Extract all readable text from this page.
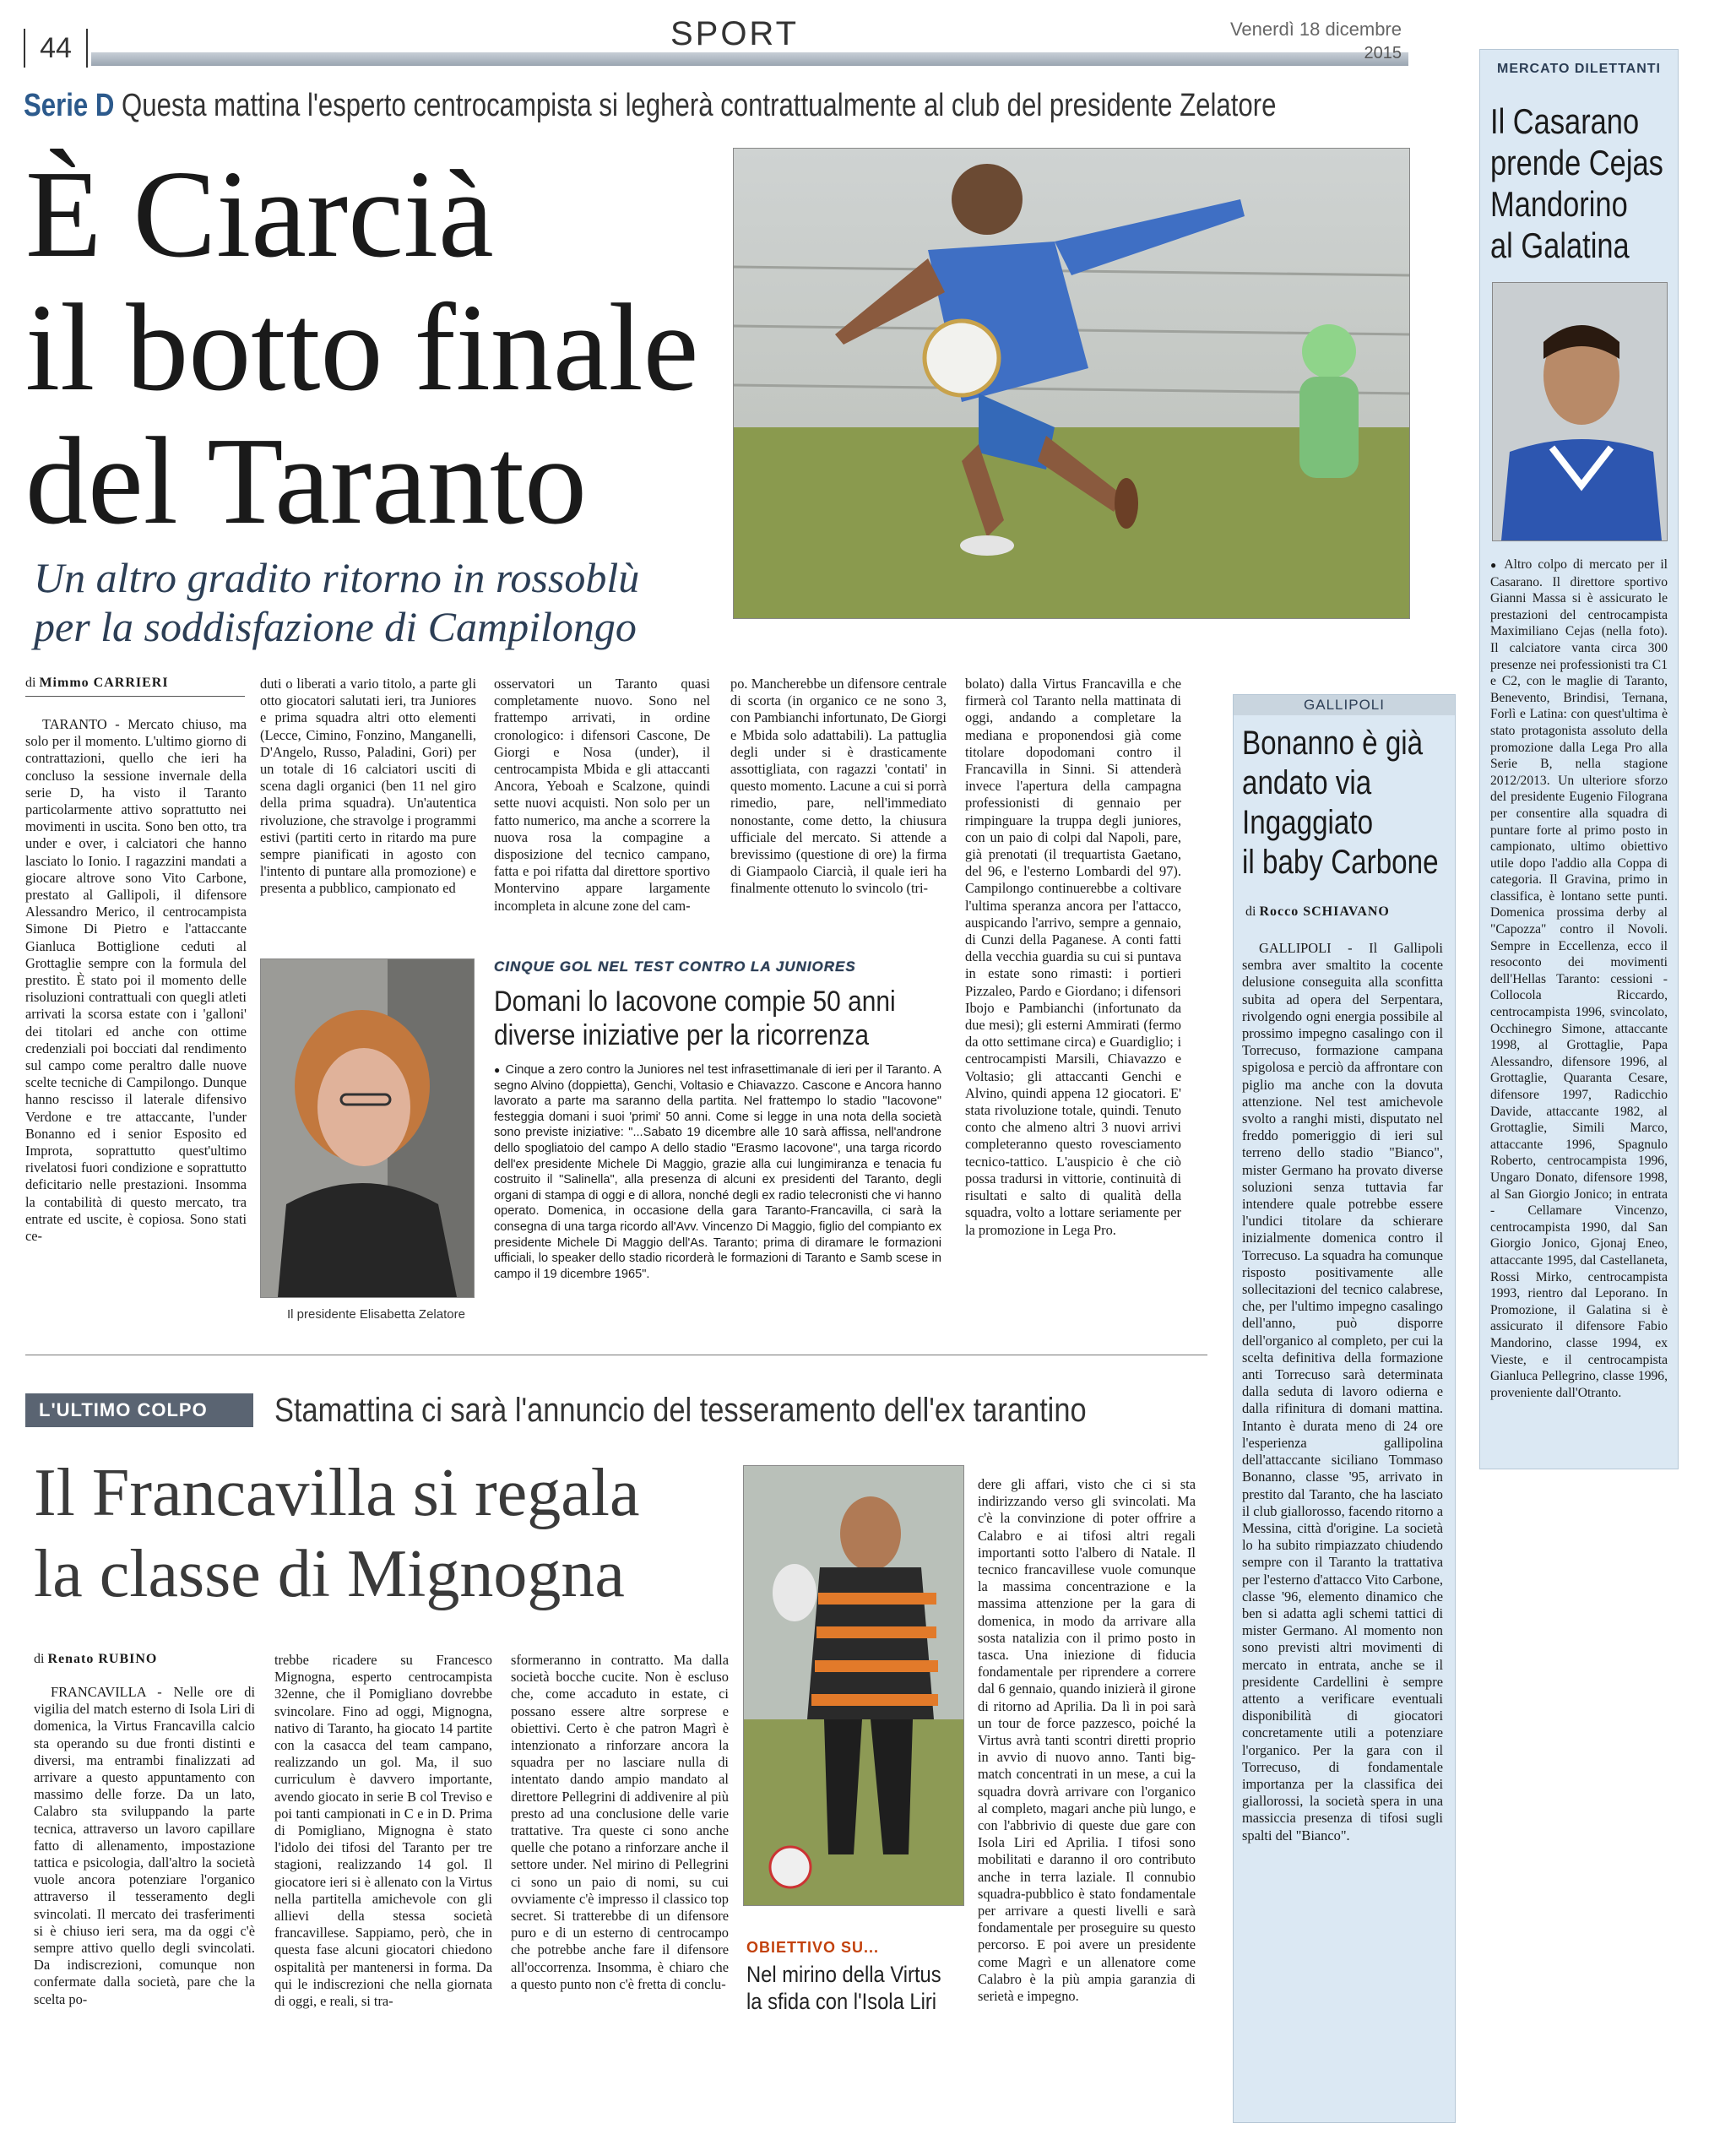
44	SPORT	Venerdì 18 dicembre
2015
Serie D Questa mattina l'esperto centrocampista si legherà contrattualmente al club del presidente Zelatore
È Ciarcià
il botto finale
del Taranto
Un altro gradito ritorno in rossoblù
per la soddisfazione di Campilongo
di Mimmo CARRIERI

TARANTO - Mercato chiuso, ma solo per il momento. L'ultimo giorno di contrattazioni, quello che ieri ha concluso la sessione invernale della serie D, ha visto il Taranto particolarmente attivo soprattutto nei movimenti in uscita. Sono ben otto, tra under e over, i calciatori che hanno lasciato lo Ionio. I ragazzini mandati a giocare altrove sono Vito Carbone, prestato al Gallipoli, il difensore Alessandro Merico, il centrocampista Simone Di Pietro e l'attaccante Gianluca Bottiglione ceduti al Grottaglie sempre con la formula del prestito. È stato poi il momento delle risoluzioni contrattuali con quegli atleti arrivati la scorsa estate con i 'galloni' dei titolari ed anche con ottime credenziali poi bocciati dal rendimento sul campo come peraltro dalle nuove scelte tecniche di Campilongo. Dunque hanno rescisso il laterale difensivo Verdone e tre attaccante, l'under Bonanno ed i senior Esposito ed Improta, soprattutto quest'ultimo rivelatosi fuori condizione e soprattutto deficitario nelle prestazioni. Insomma la contabilità di questo mercato, tra entrate ed uscite, è copiosa. Sono stati ce-

duti o liberati a vario titolo, a parte gli otto giocatori salutati ieri, tra Juniores e prima squadra altri otto elementi (Lecce, Cimino, Fonzino, Manganelli, D'Angelo, Russo, Paladini, Gori) per un totale di 16 calciatori usciti di scena dagli organici (ben 11 nel giro della prima squadra). Un'autentica rivoluzione, che stravolge i programmi estivi (partiti certo in ritardo ma pure sempre pianificati in agosto con l'intento di puntare alla promozione) e presenta a pubblico, campionato ed

Il presidente Elisabetta Zelatore

osservatori un Taranto quasi completamente nuovo. Sono nel frattempo arrivati, in ordine cronologico: i difensori Cascone, De Giorgi e Nosa (under), il centrocampista Mbida e gli attaccanti Ancora, Yeboah e Scalzone, quindi sette nuovi acquisti. Non solo per un fatto numerico, ma anche a scorrere la nuova rosa la compagine a disposizione del tecnico campano, fatta e poi rifatta dal direttore sportivo Montervino appare largamente incompleta in alcune zone del cam-

po. Mancherebbe un difensore centrale di scorta (in organico ce ne sono 3, con Pambianchi infortunato, De Giorgi e Mbida solo adattabili). La pattuglia degli under si è drasticamente assottigliata, con ragazzi 'contati' in questo momento. Lacune a cui si porrà rimedio, pare, nell'immediato nonostante, come detto, la chiusura ufficiale del mercato. Si attende a brevissimo (questione di ore) la firma di Giampaolo Ciarcià, il quale ieri ha finalmente ottenuto lo svincolo (tri-

bolato) dalla Virtus Francavilla e che firmerà col Taranto nella mattinata di oggi, andando a completare la mediana e proponendosi già come titolare dopodomani contro il Francavilla in Sinni. Si attenderà invece l'apertura della campagna professionisti di gennaio per rimpinguare la truppa degli juniores, con un paio di colpi dal Napoli, pare, già prenotati (il trequartista Gaetano, del 96, e l'esterno Lombardi del 97). Campilongo continuerebbe a coltivare l'ultima speranza ancora per l'attacco, auspicando l'arrivo, sempre a gennaio, di Cunzi della Paganese. A conti fatti della vecchia guardia su cui si puntava in estate sono rimasti: i portieri Pizzaleo, Pardo e Giordano; i difensori Ibojo e Pambianchi (infortunato da due mesi); gli esterni Ammirati (fermo da otto settimane circa) e Guardiglio; i centrocampisti Marsili, Chiavazzo e Voltasio; gli attaccanti Genchi e Alvino, quindi appena 12 giocatori. E' stata rivoluzione totale, quindi. Tenuto conto che almeno altri 3 nuovi arrivi completeranno questo rovesciamento tecnico-tattico. L'auspicio è che ciò possa tradursi in vittorie, continuità di risultati e salto di qualità della squadra, volto a lottare seriamente per la promozione in Lega Pro.

CINQUE GOL NEL TEST CONTRO LA JUNIORES
Domani lo Iacovone compie 50 anni
diverse iniziative per la ricorrenza

● Cinque a zero contro la Juniores nel test infrasettimanale di ieri per il Taranto. A segno Alvino (doppietta), Genchi, Voltasio e Chiavazzo. Cascone e Ancora hanno lavorato a parte ma saranno della partita. Nel frattempo lo stadio "Iacovone" festeggia domani i suoi 'primi' 50 anni. Come si legge in una nota della società sono previste iniziative: "...Sabato 19 dicembre alle 10 sarà affissa, nell'androne dello spogliatoio del campo A dello stadio "Erasmo Iacovone", una targa ricordo dell'ex presidente Michele Di Maggio, grazie alla cui lungimiranza e tenacia fu costruito il "Salinella", alla presenza di alcuni ex presidenti del Taranto, degli organi di stampa di oggi e di allora, nonché degli ex radio telecronisti che vi hanno operato. Domenica, in occasione della gara Taranto-Francavilla, ci sarà la consegna di una targa ricordo all'Avv. Vincenzo Di Maggio, figlio del compianto ex presidente Michele Di Maggio dell'As. Taranto; prima di diramare le formazioni ufficiali, lo speaker dello stadio ricorderà le formazioni di Taranto e Samb scese in campo il 19 dicembre 1965".

L'ULTIMO COLPO	Stamattina ci sarà l'annuncio del tesseramento dell'ex tarantino
Il Francavilla si regala
la classe di Mignogna
di Renato RUBINO

FRANCAVILLA - Nelle ore di vigilia del match esterno di Isola Liri di domenica, la Virtus Francavilla calcio sta operando su due fronti distinti e diversi, ma entrambi finalizzati ad arrivare a questo appuntamento con massimo delle forze. Da un lato, Calabro sta sviluppando la parte tecnica, attraverso un lavoro capillare fatto di allenamento, impostazione tattica e psicologia, dall'altro la società vuole ancora potenziare l'organico attraverso il tesseramento degli svincolati. Il mercato dei trasferimenti si è chiuso ieri sera, ma da oggi c'è sempre attivo quello degli svincolati. Da indiscrezioni, comunque non confermate dalla società, pare che la scelta po-

trebbe ricadere su Francesco Mignogna, esperto centrocampista 32enne, che il Pomigliano dovrebbe svincolare. Fino ad oggi, Mignogna, nativo di Taranto, ha giocato 14 partite con la casacca del team campano, realizzando un gol. Ma, il suo curriculum è davvero importante, avendo giocato in serie B col Treviso e poi tanti campionati in C e in D. Prima di Pomigliano, Mignogna è stato l'idolo dei tifosi del Taranto per tre stagioni, realizzando 14 gol. Il giocatore ieri si è allenato con la Virtus nella partitella amichevole con gli allievi della stessa società francavillese. Sappiamo, però, che in questa fase alcuni giocatori chiedono ospitalità per mantenersi in forma. Da qui le indiscrezioni che nella giornata di oggi, e reali, si tra-

sformeranno in contratto. Ma dalla società bocche cucite. Non è escluso che, come accaduto in estate, ci possano essere altre sorprese e obiettivi. Certo è che patron Magrì è intenzionato a rinforzare ancora la squadra per no lasciare nulla di intentato dando ampio mandato al direttore Pellegrini di addivenire al più presto ad una conclusione delle varie trattative. Tra queste ci sono anche quelle che potano a rinforzare anche il settore under. Nel mirino di Pellegrini ci sono un paio di nomi, su cui ovviamente c'è impresso il classico top secret. Si tratterebbe di un difensore puro e di un esterno di centrocampo che potrebbe anche fare il difensore all'occorrenza. Insomma, è chiaro che a questo punto non c'è fretta di conclu-

OBIETTIVO SU...
Nel mirino della Virtus
la sfida con l'Isola Liri

dere gli affari, visto che ci si sta indirizzando verso gli svincolati. Ma c'è la convinzione di poter offrire a Calabro e ai tifosi altri regali importanti sotto l'albero di Natale. Il tecnico francavillese vuole comunque la massima concentrazione e la massima attenzione per la gara di domenica, in modo da arrivare alla sosta natalizia con il primo posto in tasca. Una iniezione di fiducia fondamentale per riprendere a correre dal 6 gennaio, quando inizierà il girone di ritorno ad Aprilia. Da lì in poi sarà un tour de force pazzesco, poiché la Virtus avrà tanti scontri diretti proprio in avvio di nuovo anno. Tanti big-match concentrati in un mese, a cui la squadra dovrà arrivare con l'organico al completo, magari anche più lungo, e con l'abbrivio di queste due gare con Isola Liri ed Aprilia. I tifosi sono mobilitati e daranno il oro contributo anche in terra laziale. Il connubio squadra-pubblico è stato fondamentale per arrivare a questi livelli e sarà fondamentale per proseguire su questo percorso. E poi avere un presidente come Magrì e un allenatore come Calabro è la più ampia garanzia di serietà e impegno.

GALLIPOLI
Bonanno è già
andato via
Ingaggiato
il baby Carbone
di Rocco SCHIAVANO

GALLIPOLI - Il Gallipoli sembra aver smaltito la cocente delusione conseguita alla sconfitta subita ad opera del Serpentara, rivolgendo ogni energia possibile al prossimo impegno casalingo con il Torrecuso, formazione campana spigolosa e perciò da affrontare con piglio ma anche con la dovuta attenzione. Nel test amichevole svolto a ranghi misti, disputato nel freddo pomeriggio di ieri sul terreno dello stadio "Bianco", mister Germano ha provato diverse soluzioni senza tuttavia far intendere quale potrebbe essere l'undici titolare da schierare inizialmente domenica contro il Torrecuso. La squadra ha comunque risposto positivamente alle sollecitazioni del tecnico calabrese, che, per l'ultimo impegno casalingo dell'anno, può disporre dell'organico al completo, per cui la scelta definitiva della formazione anti Torrecuso sarà determinata dalla seduta di lavoro odierna e dalla rifinitura di domani mattina. Intanto è durata meno di 24 ore l'esperienza gallipolina dell'attaccante siciliano Tommaso Bonanno, classe '95, arrivato in prestito dal Taranto, che ha lasciato il club giallorosso, facendo ritorno a Messina, città d'origine. La società lo ha subito rimpiazzato chiudendo sempre con il Taranto la trattativa per l'esterno d'attacco Vito Carbone, classe '96, elemento dinamico che ben si adatta agli schemi tattici di mister Germano. Al momento non sono previsti altri movimenti di mercato in entrata, anche se il presidente Cardellini è sempre attento a verificare eventuali disponibilità di giocatori concretamente utili a potenziare l'organico. Per la gara con il Torrecuso, di fondamentale importanza per la classifica dei giallorossi, la società spera in una massiccia presenza di tifosi sugli spalti del "Bianco".

MERCATO DILETTANTI
Il Casarano
prende Cejas
Mandorino
al Galatina

● Altro colpo di mercato per il Casarano. Il direttore sportivo Gianni Massa si è assicurato le prestazioni del centrocampista Maximiliano Cejas (nella foto). Il calciatore vanta circa 300 presenze nei professionisti tra C1 e C2, con le maglie di Taranto, Benevento, Brindisi, Ternana, Forlì e Latina: con quest'ultima è stato protagonista assoluto della promozione dalla Lega Pro alla Serie B, nella stagione 2012/2013. Un ulteriore sforzo del presidente Eugenio Filograna per consentire alla squadra di puntare forte al primo posto in campionato, ultimo obiettivo utile dopo l'addio alla Coppa di categoria. Il Gravina, primo in classifica, è lontano sette punti. Domenica prossima derby al "Capozza" contro il Novoli. Sempre in Eccellenza, ecco il resoconto dei movimenti dell'Hellas Taranto: cessioni - Collocola Riccardo, centrocampista 1996, svincolato, Occhinegro Simone, attaccante 1998, al Grottaglie, Papa Alessandro, difensore 1996, al Grottaglie, Quaranta Cesare, difensore 1997, Radicchio Davide, attaccante 1982, al Grottaglie, Simili Marco, attaccante 1996, Spagnulo Roberto, centrocampista 1996, Ungaro Donato, difensore 1998, al San Giorgio Jonico; in entrata - Cellamare Vincenzo, centrocampista 1990, dal San Giorgio Jonico, Gjonaj Eneo, attaccante 1995, dal Castellaneta, Rossi Mirko, centrocampista 1993, rientro dal Leporano. In Promozione, il Galatina si è assicurato il difensore Fabio Mandorino, classe 1994, ex Vieste, e il centrocampista Gianluca Pellegrino, classe 1996, proveniente dall'Otranto.
